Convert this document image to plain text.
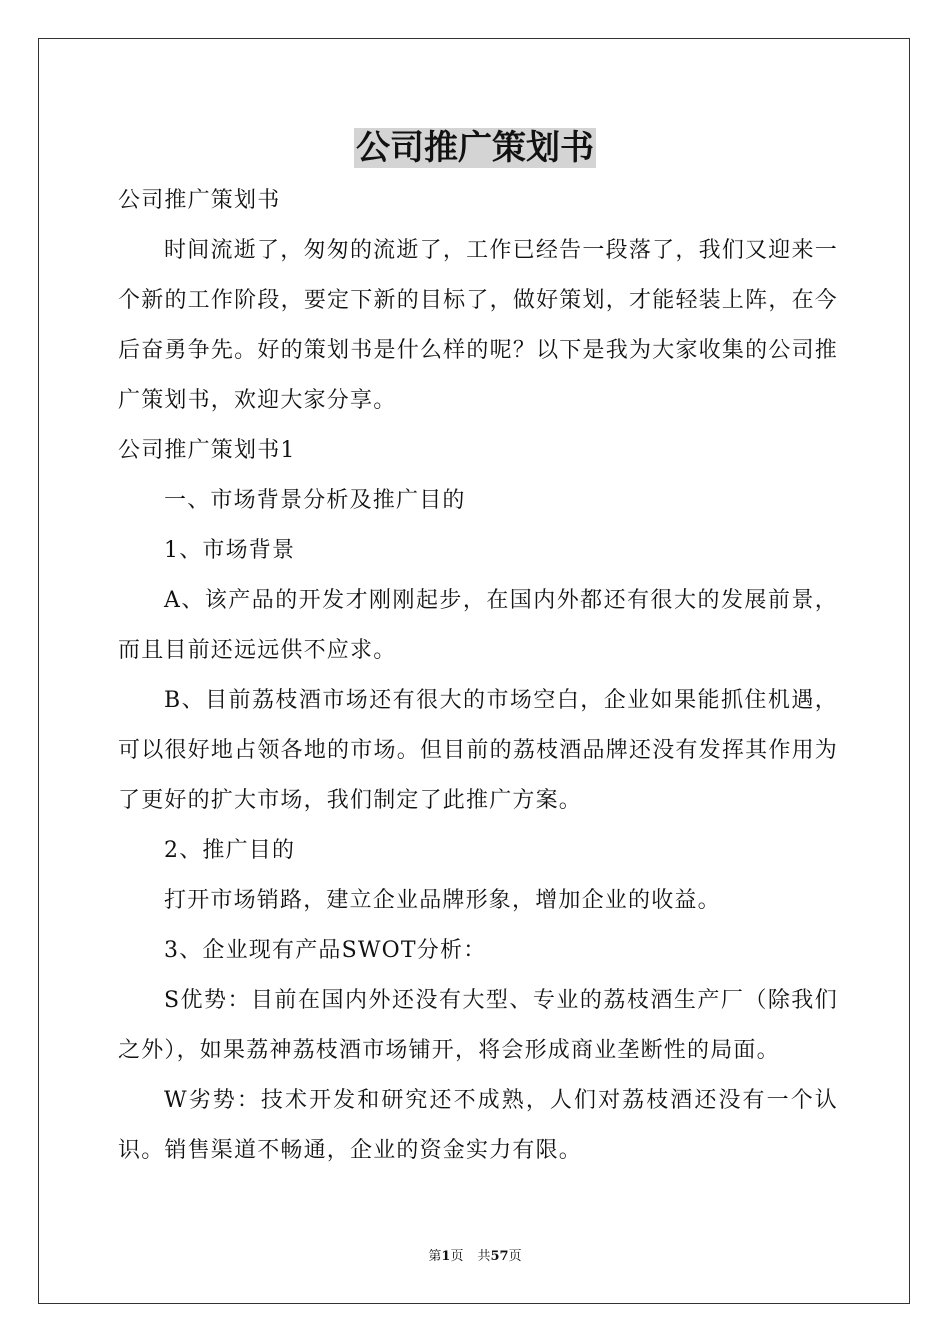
公司推广策划书

公司推广策划书

时间流逝了，匆匆的流逝了，工作已经告一段落了，我们又迎来一个新的工作阶段，要定下新的目标了，做好策划，才能轻装上阵，在今后奋勇争先。好的策划书是什么样的呢？以下是我为大家收集的公司推广策划书，欢迎大家分享。

公司推广策划书1

一、市场背景分析及推广目的

1、市场背景

A、该产品的开发才刚刚起步，在国内外都还有很大的发展前景，而且目前还远远供不应求。

B、目前荔枝酒市场还有很大的市场空白，企业如果能抓住机遇，可以很好地占领各地的市场。但目前的荔枝酒品牌还没有发挥其作用为了更好的扩大市场，我们制定了此推广方案。

2、推广目的

打开市场销路，建立企业品牌形象，增加企业的收益。

3、企业现有产品SWOT分析：

S优势：目前在国内外还没有大型、专业的荔枝酒生产厂（除我们之外），如果荔神荔枝酒市场铺开，将会形成商业垄断性的局面。

W劣势：技术开发和研究还不成熟，人们对荔枝酒还没有一个认识。销售渠道不畅通，企业的资金实力有限。

第1页 共57页
